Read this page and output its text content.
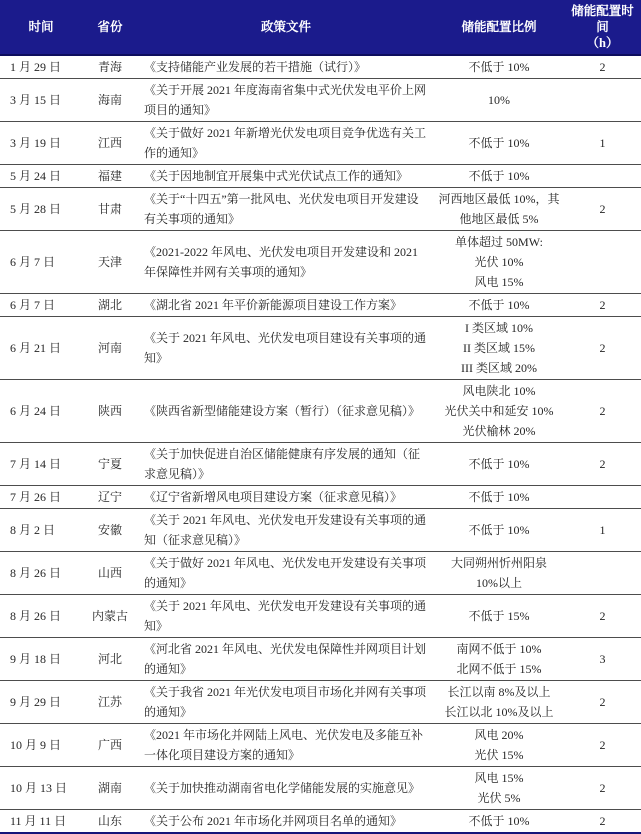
时间	省份	政策文件	储能配置比例	储能配置时间
（h）

1 月 29 日	青海	《支持储能产业发展的若干措施（试行）》	不低于 10%	2
3 月 15 日	海南	《关于开展 2021 年度海南省集中式光伏发电平价上网项目的通知》	10%	

3 月 19 日	江西	《关于做好 2021 年新增光伏发电项目竞争优选有关工作的通知》	不低于 10%	1
5 月 24 日	福建	《关于因地制宜开展集中式光伏试点工作的通知》	不低于 10%	

5 月 28 日	甘肃	《关于“十四五”第一批风电、光伏发电项目开发建设有关事项的通知》	河西地区最低 10%，其他地区最低 5%	2
6 月 7 日	天津	《2021-2022 年风电、光伏发电项目开发建设和 2021 年保障性并网有关事项的通知》	单体超过 50MW:
光伏 10%
风电 15%	

6 月 7 日	湖北	《湖北省 2021 年平价新能源项目建设工作方案》	不低于 10%	2
6 月 21 日	河南	《关于 2021 年风电、光伏发电项目建设有关事项的通知》	I 类区域 10%
II 类区域 15%
III 类区域 20%	2
6 月 24 日	陕西	《陕西省新型储能建设方案（暂行）（征求意见稿）》	风电陕北 10%
光伏关中和延安 10%
光伏榆林 20%	2
7 月 14 日	宁夏	《关于加快促进自治区储能健康有序发展的通知（征求意见稿）》	不低于 10%	2
7 月 26 日	辽宁	《辽宁省新增风电项目建设方案（征求意见稿）》	不低于 10%	

8 月 2 日	安徽	《关于 2021 年风电、光伏发电开发建设有关事项的通知（征求意见稿）》	不低于 10%	1
8 月 26 日	山西	《关于做好 2021 年风电、光伏发电开发建设有关事项的通知》	大同朔州忻州阳泉
10%以上	

8 月 26 日	内蒙古	《关于 2021 年风电、光伏发电开发建设有关事项的通知》	不低于 15%	2
9 月 18 日	河北	《河北省 2021 年风电、光伏发电保障性并网项目计划的通知》	南网不低于 10%
北网不低于 15%	3
9 月 29 日	江苏	《关于我省 2021 年光伏发电项目市场化并网有关事项的通知》	长江以南 8%及以上
长江以北 10%及以上	2
10 月 9 日	广西	《2021 年市场化并网陆上风电、光伏发电及多能互补一体化项目建设方案的通知》	风电 20%
光伏 15%	2
10 月 13 日	湖南	《关于加快推动湖南省电化学储能发展的实施意见》	风电 15%
光伏 5%	2
11 月 11 日	山东	《关于公布 2021 年市场化并网项目名单的通知》	不低于 10%	2
